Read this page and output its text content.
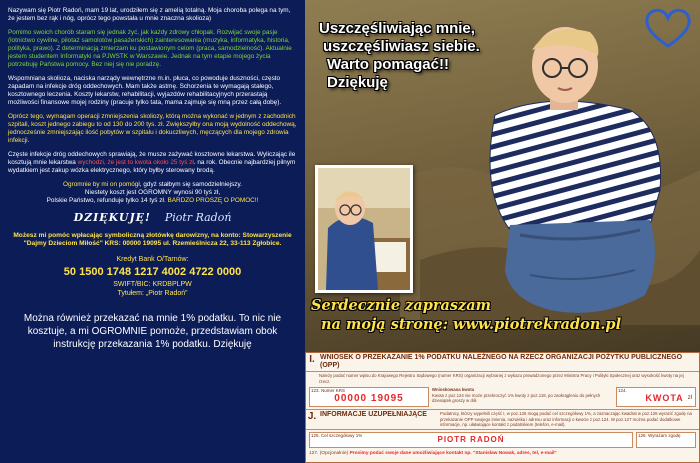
Nazywam się Piotr Radoń, mam 19 lat, urodziłem się z amelią totalną. Moja choroba polega na tym, że jestem bez rąk i nóg, oprócz tego powstała u mnie znaczna skolioza)

Pomimo swoich chorób staram się jednak żyć, jak każdy zdrowy chłopak. Rozwijać swoje pasje (lotnictwo cywilne, pilotaż samolotów pasażerskich) zainteresowania (muzyka, informatyka, historia, polityka, prawo). Z determinacją zmierzam ku postawionym celom (praca, samodzielność). Aktualnie jestem studentem Informatyki na PJWSTK w Warszawie. Jednak na tym etapie mojego życia potrzebuję Państwa pomocy. Bez niej się nie poradzę.

Wspomniana skolioza, naciska narządy wewnętrzne m.in. płuca, co powoduje duszności, często zapadam na infekcje dróg oddechowych. Mam także astmę. Schorzenia te wymagają stałego, kosztownego leczenia. Koszty lekarstw, rehabilitacji, wyjazdów rehabilitacyjnych przerastają możliwości finansowe mojej rodziny (pracuje tylko tata, mama zajmuje się mną przez całą dobę).

Oprócz tego, wymagam operacji zmniejszenia skoliozy, którą można wykonać w jednym z zachodnich szpitali, koszt jednego zabiegu to od 130 do 200 tys. zł. Zwiększyłby ona moją wydolność oddechową, jednocześnie zmniejszając ilość pobytów w szpitalu i dokuczliwych, męczących dla mojego zdrowia infekcji.

Częste infekcje dróg oddechowych sprawiają, że musze zażywać kosztowne lekarstwa. Wyliczając ile kosztują mnie lekarstwa wychodzi, że jest to kwota około 25 tyś zł. na rok. Obecnie najbardziej pilnym wydatkiem jest zakup wózka elektrycznego, który byłby sterowany brodą.

Ogromnie by mi on pomógł, gdyż stałbym się samodzielniejszy.
Niestety koszt jest OGROMNY wynosi 90 tyś zł,
Polskie Państwo, refunduje tylko 14 tyś zł. BARDZO PROSZĘ O POMOC!!

DZIĘKUJĘ! Piotr Radoń

Możesz mi pomóc wpłacając symboliczną złotówkę darowizny, na konto: Stowarzyszenie "Dajmy Dzieciom Miłość" KRS: 00000 19095 ul. Rzemieślnicza 22, 33-113 Zgłobice.

Kredyt Bank O/Tarnów:
50 1500 1748 1217 4002 4722 0000
SWIFT/BIC: KRDBPLPW
Tytułem: „Piotr Radoń”

Można również przekazać na mnie 1% podatku. To nic nie kosztuje, a mi OGROMNIE pomoże, przedstawiam obok instrukcję przekazania 1% podatku. Dziękuję

Uszczęśliwiając mnie,
uszczęśliwiasz siebie.
Warto pomagać!!
Dziękuję
Serdecznie zapraszam
na moją stronę: www.piotrekradon.pl
I. WNIOSEK O PRZEKAZANIE 1% PODATKU NALEŻNEGO NA RZECZ ORGANIZACJI POŻYTKU PUBLICZNEGO (OPP)
Należy podać numer wpisu do Krajowego Rejestru Sądowego (numer KRS) organizacji wybranej z wykazu prowadzonego przez Ministra Pracy i Polityki Społecznej oraz wysokość kwoty na jej rzecz.
123. Numer KRS
00000 19095
Wnioskowana kwota
Kwota z poz.124 nie może przekroczyć 1% kwoty z poz.118, po zaokrągleniu do pełnych dziesiątek groszy w dół.
124.
KWOTA zł
J. INFORMACJE UZUPEŁNIAJĄCE	Podatnicy, którzy wypełnili część I, w poz.125 mogą podać cel szczegółowy 1%, a zaznaczając kwadrat w poz.126 wyrazić zgodę na przekazanie OPP swojego imienia, nazwiska i adresu oraz informacji o kwocie z poz.124. W poz.127 można podać dodatkowe informacje, np. ułatwiające kontakt z podatnikiem (telefon, e-mail).
125. Cel szczegółowy 1%	PIOTR RADOŃ	126. Wyrażam zgodę
127. (Opcjonalnie) Prosimy podać swoje dane umożliwiające kontakt np. "Stanisław Nowak, adres, tel, e-mail"
